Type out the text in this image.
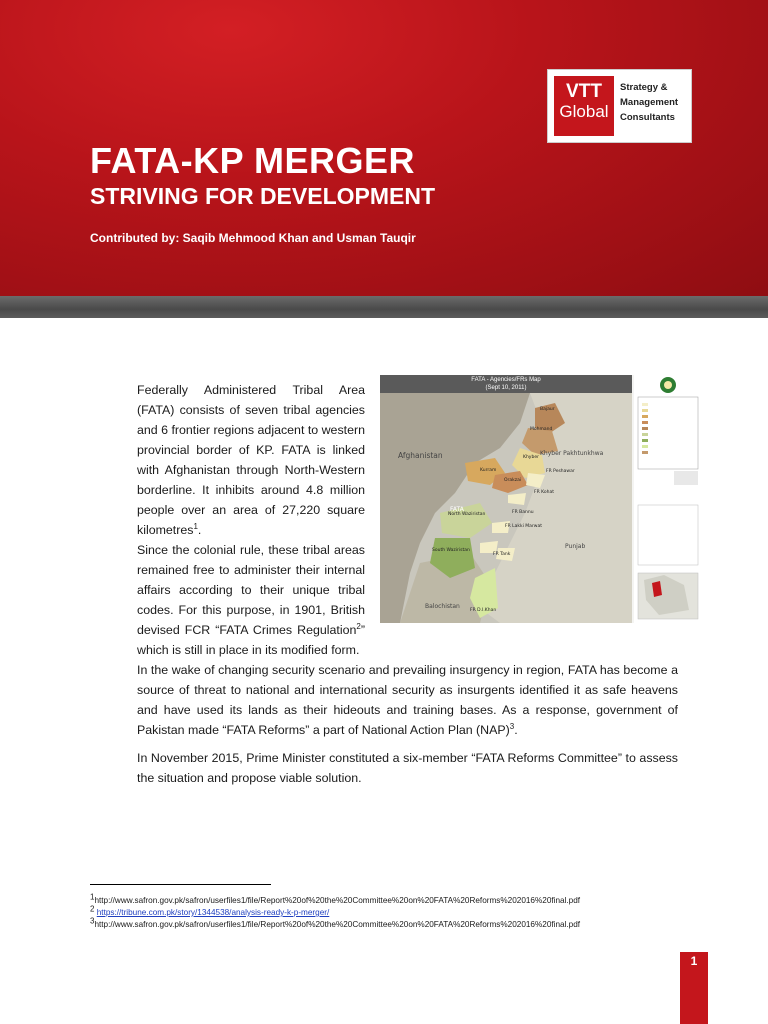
FATA-KP MERGER
STRIVING FOR DEVELOPMENT
Contributed by: Saqib Mehmood Khan and Usman Tauqir
VTT
Global
Strategy &
Management
Consultants

Federally Administered Tribal Area (FATA) consists of seven tribal agencies and 6 frontier regions adjacent to western provincial border of KP. FATA is linked with Afghanistan through North-Western borderline. It inhibits around 4.8 million people over an area of 27,220 square kilometres$^1$.

Since the colonial rule, these tribal areas remained free to administer their internal affairs according to their unique tribal codes. For this purpose, in 1901, British devised FCR “FATA Crimes Regulation$^2$” which is still in place in its modified form.

FATA - Agencies/FRs Map
(Sept 10, 2011)
Afghanistan	Khyber Pakhtunkhwa
Punjab
Balochistan
FATA
Bajaur
Mohmand
Khyber
Kurram
Orakzai
FR Peshawar
FR Kohat
FR Bannu
North Waziristan
FR Lakki Marwat
South Waziristan
FR Tank
FR D.I.Khan

In the wake of changing security scenario and prevailing insurgency in region, FATA has become a source of threat to national and international security as insurgents identified it as safe heavens and have used its lands as their hideouts and training bases. As a response, government of Pakistan made “FATA Reforms” a part of National Action Plan (NAP)$^3$.

In November 2015, Prime Minister constituted a six-member “FATA Reforms Committee” to assess the situation and propose viable solution.

$^1$http://www.safron.gov.pk/safron/userfiles1/file/Report%20of%20the%20Committee%20on%20FATA%20Reforms%202016%20final.pdf
$^2$ https://tribune.com.pk/story/1344538/analysis-ready-k-p-merger/
$^3$http://www.safron.gov.pk/safron/userfiles1/file/Report%20of%20the%20Committee%20on%20FATA%20Reforms%202016%20final.pdf
1
